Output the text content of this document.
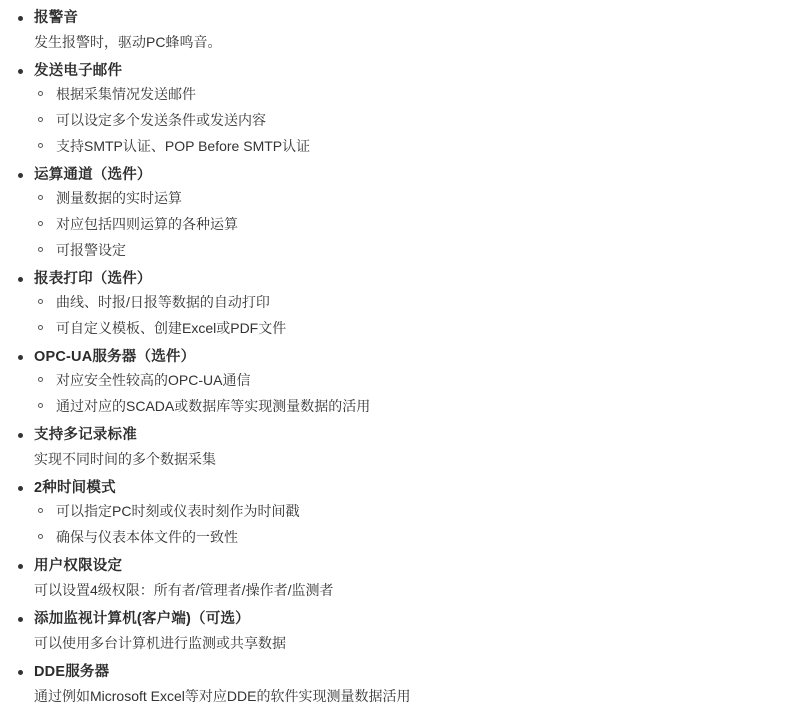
报警音
发生报警时，驱动PC蜂鸣音。
发送电子邮件
根据采集情况发送邮件
可以设定多个发送条件或发送内容
支持SMTP认证、POP Before SMTP认证
运算通道（选件）
测量数据的实时运算
对应包括四则运算的各种运算
可报警设定
报表打印（选件）
曲线、时报/日报等数据的自动打印
可自定义模板、创建Excel或PDF文件
OPC-UA服务器（选件）
对应安全性较高的OPC-UA通信
通过对应的SCADA或数据库等实现测量数据的活用
支持多记录标准
实现不同时间的多个数据采集
2种时间模式
可以指定PC时刻或仪表时刻作为时间戳
确保与仪表本体文件的一致性
用户权限设定
可以设置4级权限：所有者/管理者/操作者/监测者
添加监视计算机(客户端)（可选）
可以使用多台计算机进行监测或共享数据
DDE服务器
通过例如Microsoft Excel等对应DDE的软件实现测量数据活用
